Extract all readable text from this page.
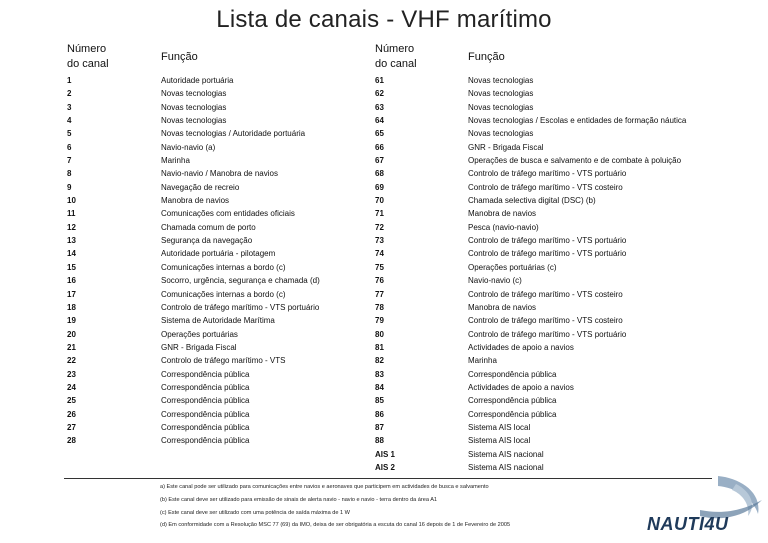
Lista de canais - VHF marítimo
Número
do canal
Função
Número
do canal
Função
1	Autoridade portuária
2	Novas tecnologias
3	Novas tecnologias
4	Novas tecnologias
5	Novas tecnologias / Autoridade portuária
6	Navio-navio (a)
7	Marinha
8	Navio-navio / Manobra de navios
9	Navegação de recreio
10	Manobra de navios
11	Comunicações com entidades oficiais
12	Chamada comum de porto
13	Segurança da navegação
14	Autoridade portuária - pilotagem
15	Comunicações internas a bordo (c)
16	Socorro, urgência, segurança e chamada (d)
17	Comunicações internas a bordo (c)
18	Controlo de tráfego marítimo - VTS portuário
19	Sistema de Autoridade Marítima
20	Operações portuárias
21	GNR - Brigada Fiscal
22	Controlo de tráfego marítimo - VTS
23	Correspondência pública
24	Correspondência pública
25	Correspondência pública
26	Correspondência pública
27	Correspondência pública
28	Correspondência pública
61	Novas tecnologias
62	Novas tecnologias
63	Novas tecnologias
64	Novas tecnologias / Escolas e entidades de formação náutica
65	Novas tecnologias
66	GNR - Brigada Fiscal
67	Operações de busca e salvamento e de combate à poluição
68	Controlo de tráfego marítimo - VTS portuário
69	Controlo de tráfego marítimo - VTS costeiro
70	Chamada selectiva digital (DSC) (b)
71	Manobra de navios
72	Pesca (navio-navio)
73	Controlo de tráfego marítimo - VTS portuário
74	Controlo de tráfego marítimo - VTS portuário
75	Operações portuárias (c)
76	Navio-navio (c)
77	Controlo de tráfego marítimo - VTS costeiro
78	Manobra de navios
79	Controlo de tráfego marítimo - VTS costeiro
80	Controlo de tráfego marítimo - VTS portuário
81	Actividades de apoio a navios
82	Marinha
83	Correspondência pública
84	Actividades de apoio a navios
85	Correspondência pública
86	Correspondência pública
87	Sistema AIS local
88	Sistema AIS local
AIS 1	Sistema AIS nacional
AIS 2	Sistema AIS nacional
a) Este canal pode ser utilizado para comunicações entre navios e aeronaves que participem em actividades de busca e salvamento
(b) Este canal deve ser utilizado para emissão de sinais de alerta navio - navio e navio - terra dentro da área A1
(c) Este canal deve ser utilizado com uma potência de saída máxima de 1 W
(d) Em conformidade com a Resolução MSC 77 (69) da IMO, deixa de ser obrigatória a escuta do canal 16 depois de 1 de Fevereiro de 2005	NAUTI4U
